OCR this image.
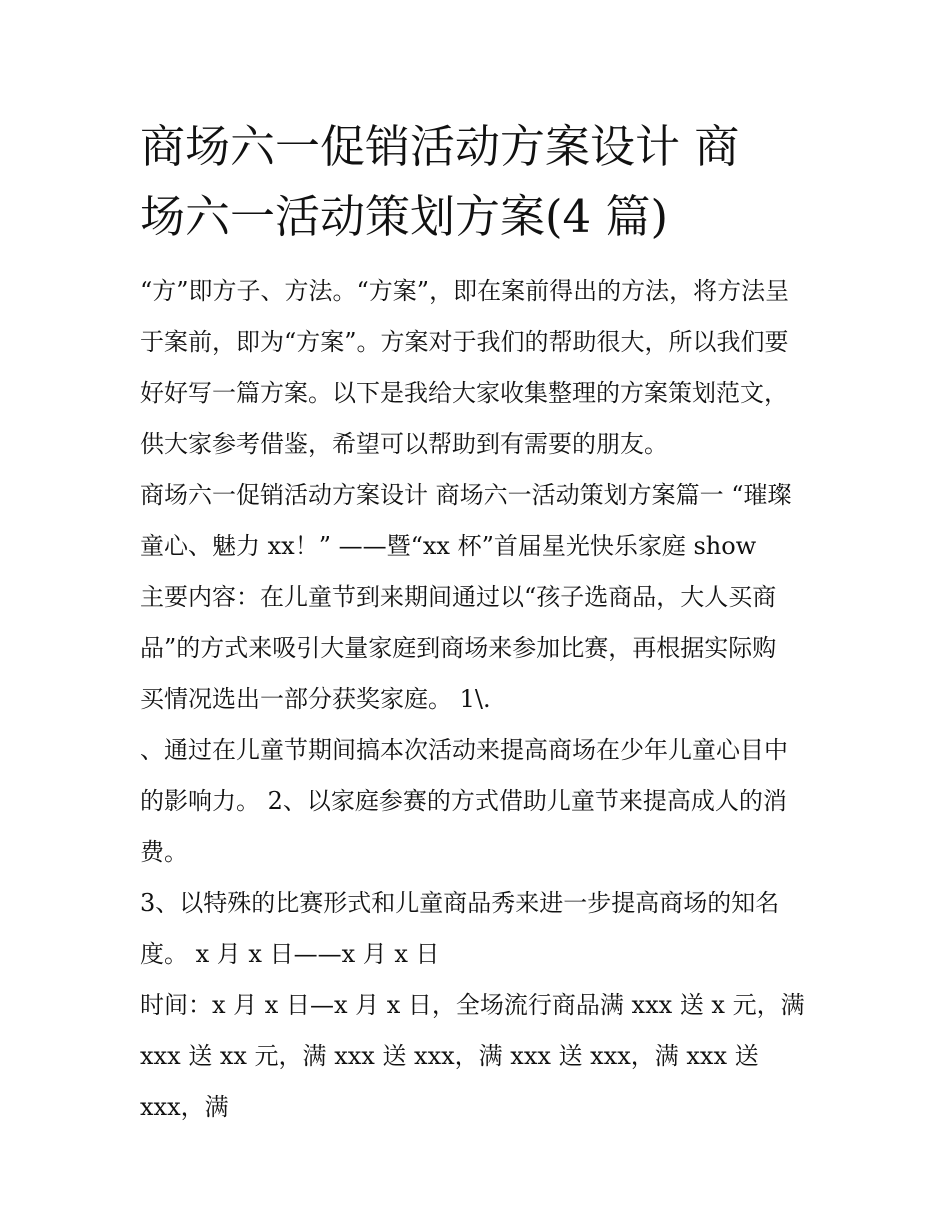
商场六一促销活动方案设计 商
场六一活动策划方案(4 篇)

“方”即方子、方法。“方案”，即在案前得出的方法，将方法呈

于案前，即为“方案”。方案对于我们的帮助很大，所以我们要

好好写一篇方案。以下是我给大家收集整理的方案策划范文，

供大家参考借鉴，希望可以帮助到有需要的朋友。

商场六一促销活动方案设计 商场六一活动策划方案篇一 “璀璨

童心、魅力 xx！” ——暨“xx 杯”首届星光快乐家庭 show

主要内容：在儿童节到来期间通过以“孩子选商品，大人买商

品”的方式来吸引大量家庭到商场来参加比赛，再根据实际购

买情况选出一部分获奖家庭。 1\.

、通过在儿童节期间搞本次活动来提高商场在少年儿童心目中

的影响力。 2、以家庭参赛的方式借助儿童节来提高成人的消

费。

3、以特殊的比赛形式和儿童商品秀来进一步提高商场的知名

度。 x 月 x 日——x 月 x 日

时间：x 月 x 日—x 月 x 日，全场流行商品满 xxx 送 x 元，满

xxx 送 xx 元，满 xxx 送 xxx，满 xxx 送 xxx，满 xxx 送 xxx，满
